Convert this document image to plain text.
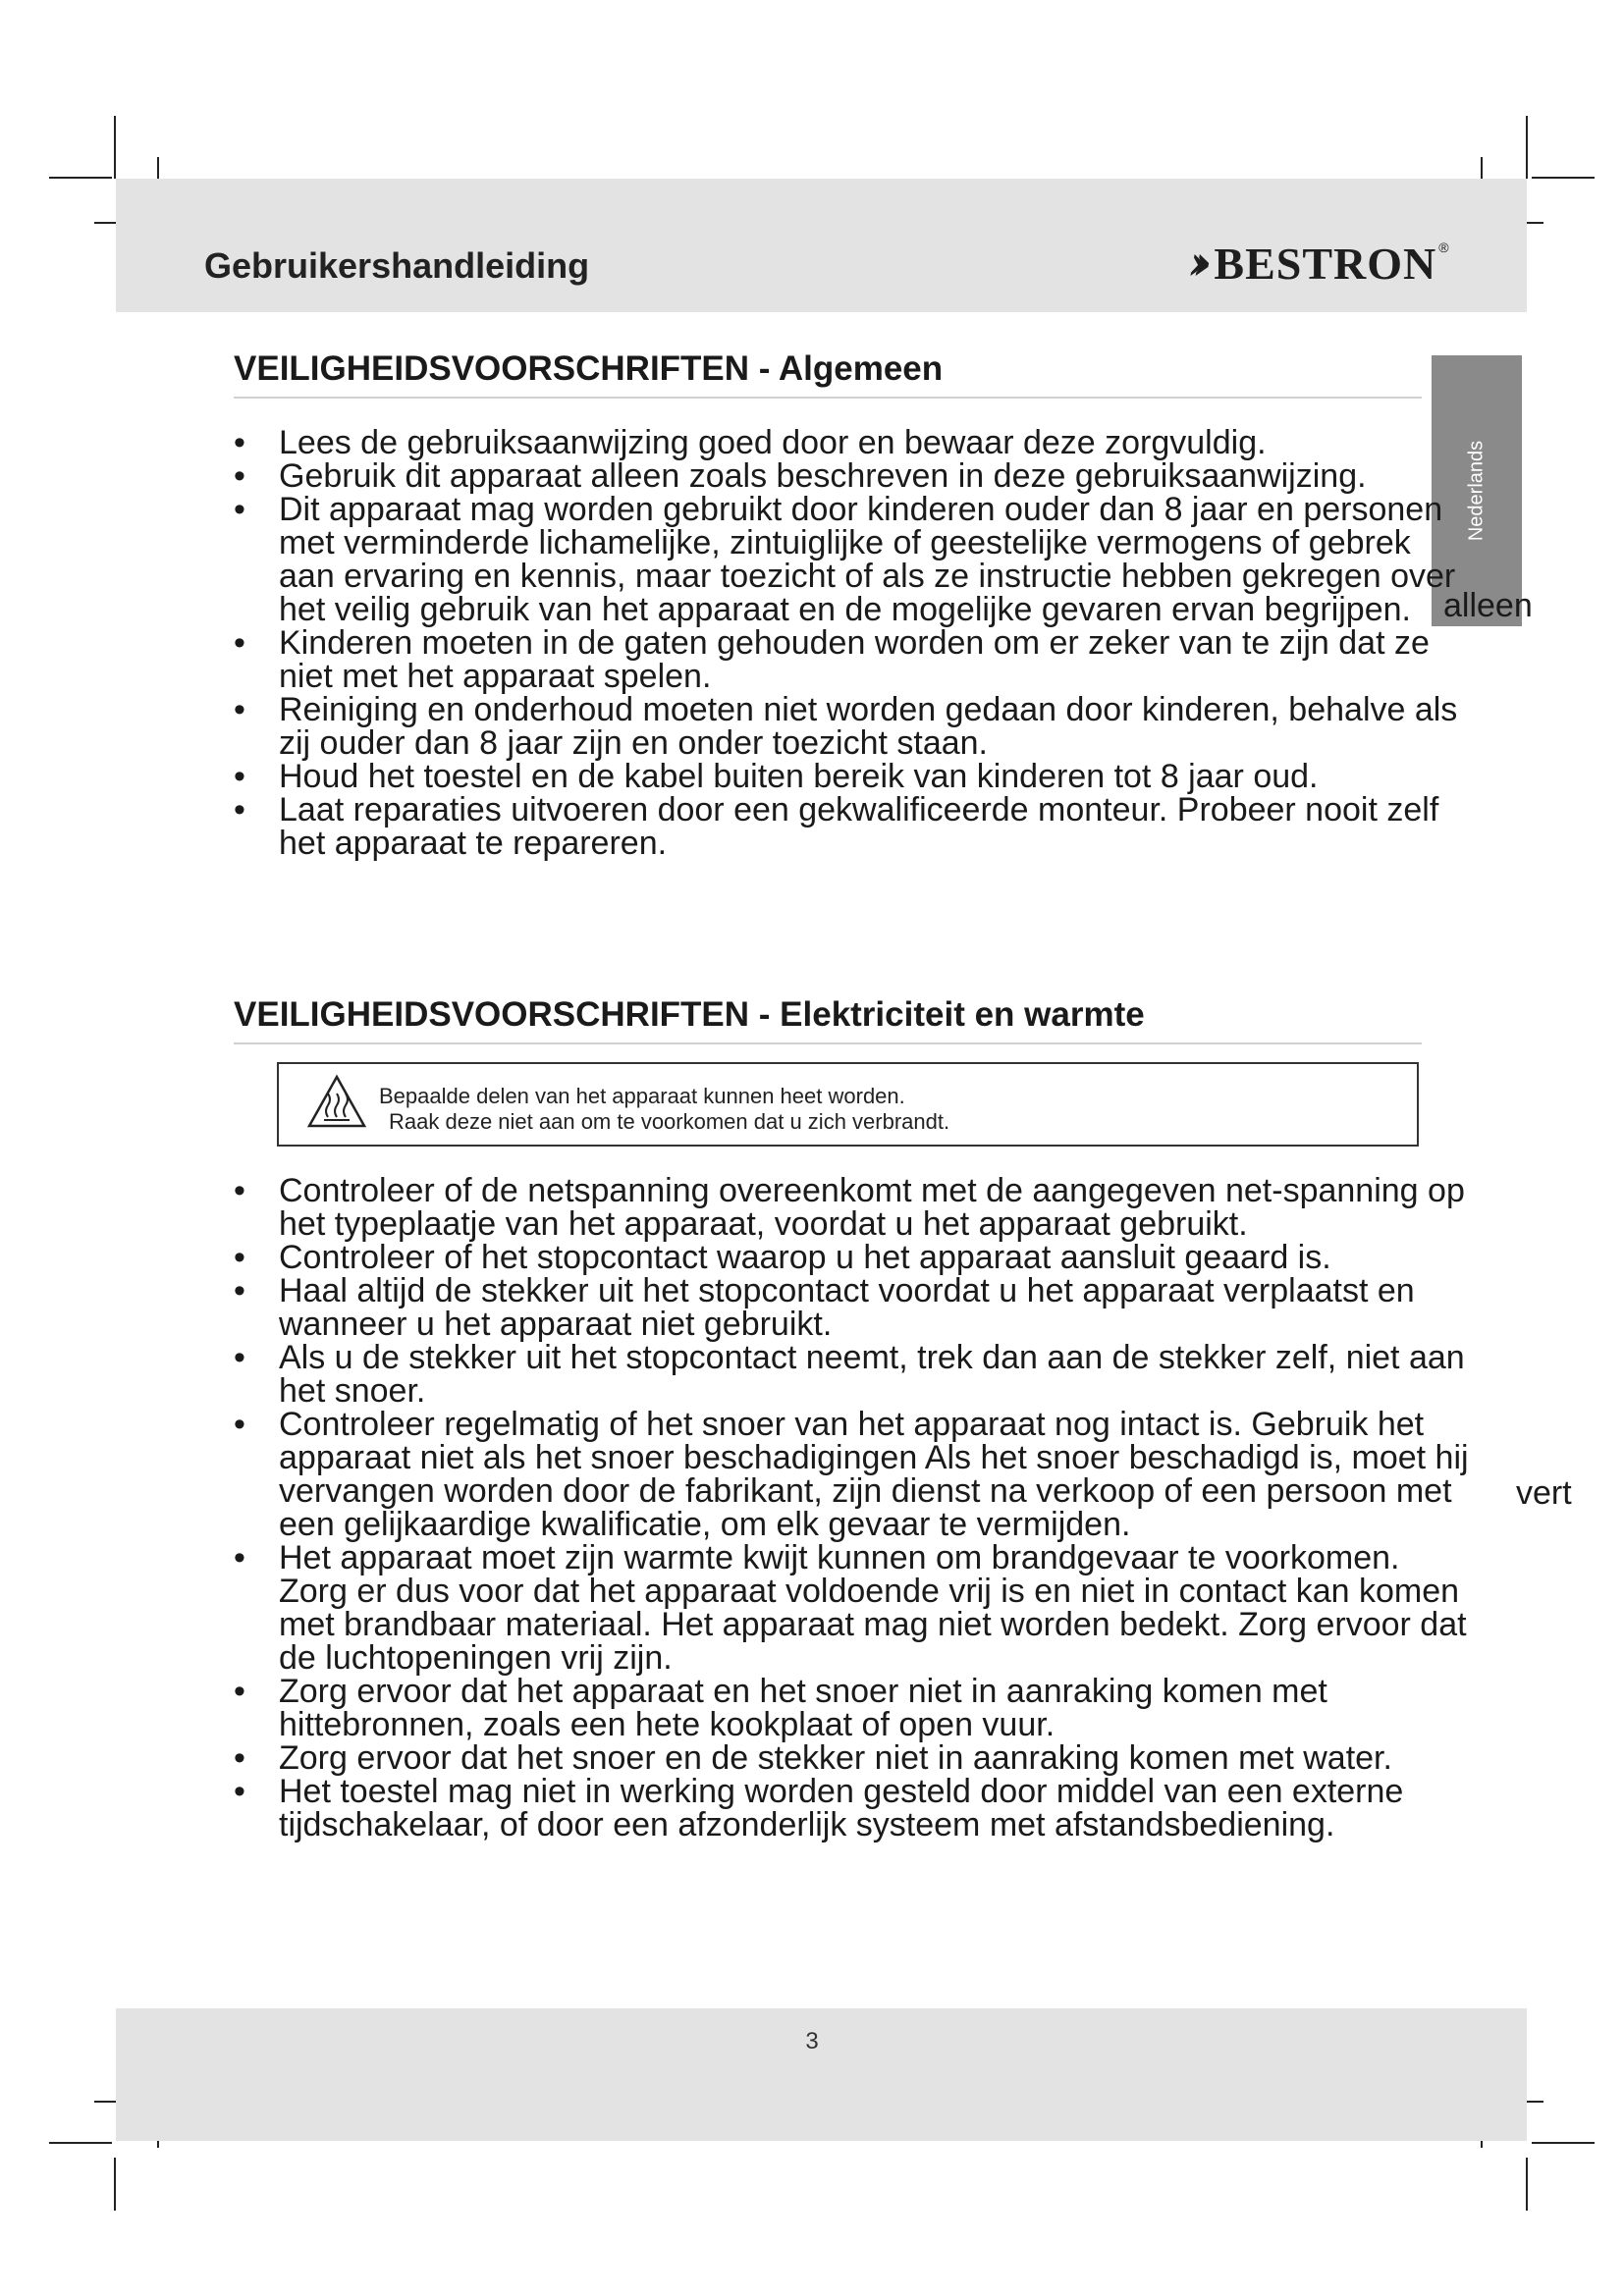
Gebruikershandleiding	›› BESTRON ®
Nederlands
VEILIGHEIDSVOORSCHRIFTEN - Algemeen
• Lees de gebruiksaanwijzing goed door en bewaar deze zorgvuldig.
• Gebruik dit apparaat alleen zoals beschreven in deze gebruiksaanwijzing.
• Dit apparaat mag worden gebruikt door kinderen ouder dan 8 jaar en personen met verminderde lichamelijke, zintuiglijke of geestelijke vermogens of gebrek aan ervaring en kennis, maar toezicht of als ze instructie hebben gekregen over het veilig gebruik van het apparaat en de mogelijke gevaren ervan begrijpen.
• Kinderen moeten in de gaten gehouden worden om er zeker van te zijn dat ze niet met het apparaat spelen.
• Reiniging en onderhoud moeten niet worden gedaan door kinderen, behalve als zij ouder dan 8 jaar zijn en onder toezicht staan.
• Houd het toestel en de kabel buiten bereik van kinderen tot 8 jaar oud.
• Laat reparaties uitvoeren door een gekwalificeerde monteur. Probeer nooit zelf het apparaat te repareren.
alleen
VEILIGHEIDSVOORSCHRIFTEN - Elektriciteit en warmte
Bepaalde delen van het apparaat kunnen heet worden.
Raak deze niet aan om te voorkomen dat u zich verbrandt.
• Controleer of de netspanning overeenkomt met de aangegeven net-spanning op het typeplaatje van het apparaat, voordat u het apparaat gebruikt.
• Controleer of het stopcontact waarop u het apparaat aansluit geaard is.
• Haal altijd de stekker uit het stopcontact voordat u het apparaat verplaatst en wanneer u het apparaat niet gebruikt.
• Als u de stekker uit het stopcontact neemt, trek dan aan de stekker zelf, niet aan het snoer.
• Controleer regelmatig of het snoer van het apparaat nog intact is. Gebruik het apparaat niet als het snoer beschadigingen Als het snoer beschadigd is, moet hij vervangen worden door de fabrikant, zijn dienst na verkoop of een persoon met een gelijkaardige kwalificatie, om elk gevaar te vermijden.
• Het apparaat moet zijn warmte kwijt kunnen om brandgevaar te voorkomen. Zorg er dus voor dat het apparaat voldoende vrij is en niet in contact kan komen met brandbaar materiaal. Het apparaat mag niet worden bedekt. Zorg ervoor dat de luchtopeningen vrij zijn.
• Zorg ervoor dat het apparaat en het snoer niet in aanraking komen met hittebronnen, zoals een hete kookplaat of open vuur.
• Zorg ervoor dat het snoer en de stekker niet in aanraking komen met water.
• Het toestel mag niet in werking worden gesteld door middel van een externe tijdschakelaar, of door een afzonderlijk systeem met afstandsbediening.
vert
3
